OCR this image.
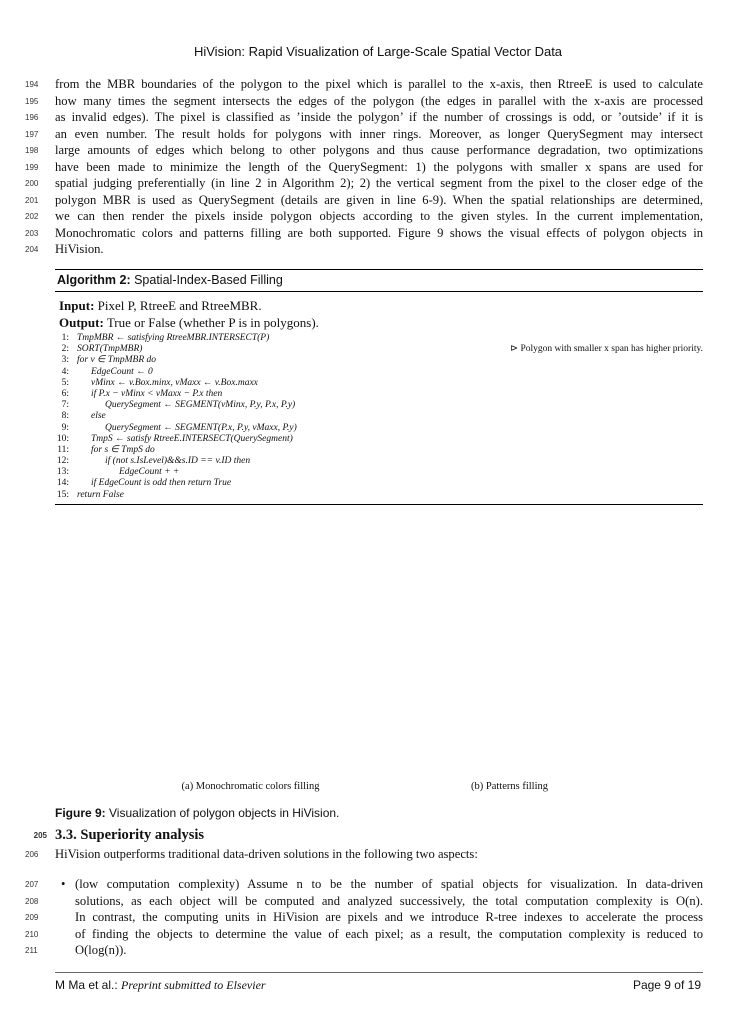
HiVision: Rapid Visualization of Large-Scale Spatial Vector Data
194	from the MBR boundaries of the polygon to the pixel which is parallel to the x-axis, then RtreeE is used to calculate
195	how many times the segment intersects the edges of the polygon (the edges in parallel with the x-axis are processed
196	as invalid edges). The pixel is classified as ’inside the polygon’ if the number of crossings is odd, or ’outside’ if it is
197	an even number. The result holds for polygons with inner rings. Moreover, as longer QuerySegment may intersect
198	large amounts of edges which belong to other polygons and thus cause performance degradation, two optimizations
199	have been made to minimize the length of the QuerySegment: 1) the polygons with smaller x spans are used for
200	spatial judging preferentially (in line 2 in Algorithm 2); 2) the vertical segment from the pixel to the closer edge of the
201	polygon MBR is used as QuerySegment (details are given in line 6-9). When the spatial relationships are determined,
202	we can then render the pixels inside polygon objects according to the given styles. In the current implementation,
203	Monochromatic colors and patterns filling are both supported. Figure 9 shows the visual effects of polygon objects in
204	HiVision.
Algorithm 2: Spatial-Index-Based Filling
Input: Pixel P, RtreeE and RtreeMBR.
Output: True or False (whether P is in polygons).
1: TmpMBR ← satisfying RtreeMBR.INTERSECT(P)
2: SORT(TmpMBR)	⊳ Polygon with smaller x span has higher priority.
3: for v ∈ TmpMBR do
4: EdgeCount ← 0
5: vMinx ← v.Box.minx, vMaxx ← v.Box.maxx
6: if P.x − vMinx < vMaxx − P.x then
7:	QuerySegment ← SEGMENT(vMinx, P.y, P.x, P.y)
8: else
9:	QuerySegment ← SEGMENT(P.x, P.y, vMaxx, P.y)
10: TmpS ← satisfy RtreeE.INTERSECT(QuerySegment)
11: for s ∈ TmpS do
12:	if (not s.IsLevel)&&s.ID == v.ID then
13:	EdgeCount + +
14: if EdgeCount is odd then return True
15: return False
(a) Monochromatic colors filling	(b) Patterns filling
Figure 9: Visualization of polygon objects in HiVision.
205 3.3. Superiority analysis
206	HiVision outperforms traditional data-driven solutions in the following two aspects:
207	• (low computation complexity) Assume n to be the number of spatial objects for visualization. In data-driven
208	solutions, as each object will be computed and analyzed successively, the total computation complexity is O(n).
209	In contrast, the computing units in HiVision are pixels and we introduce R-tree indexes to accelerate the process
210	of finding the objects to determine the value of each pixel; as a result, the computation complexity is reduced to
211	O(log(n)).
M Ma et al.: Preprint submitted to Elsevier	Page 9 of 19
